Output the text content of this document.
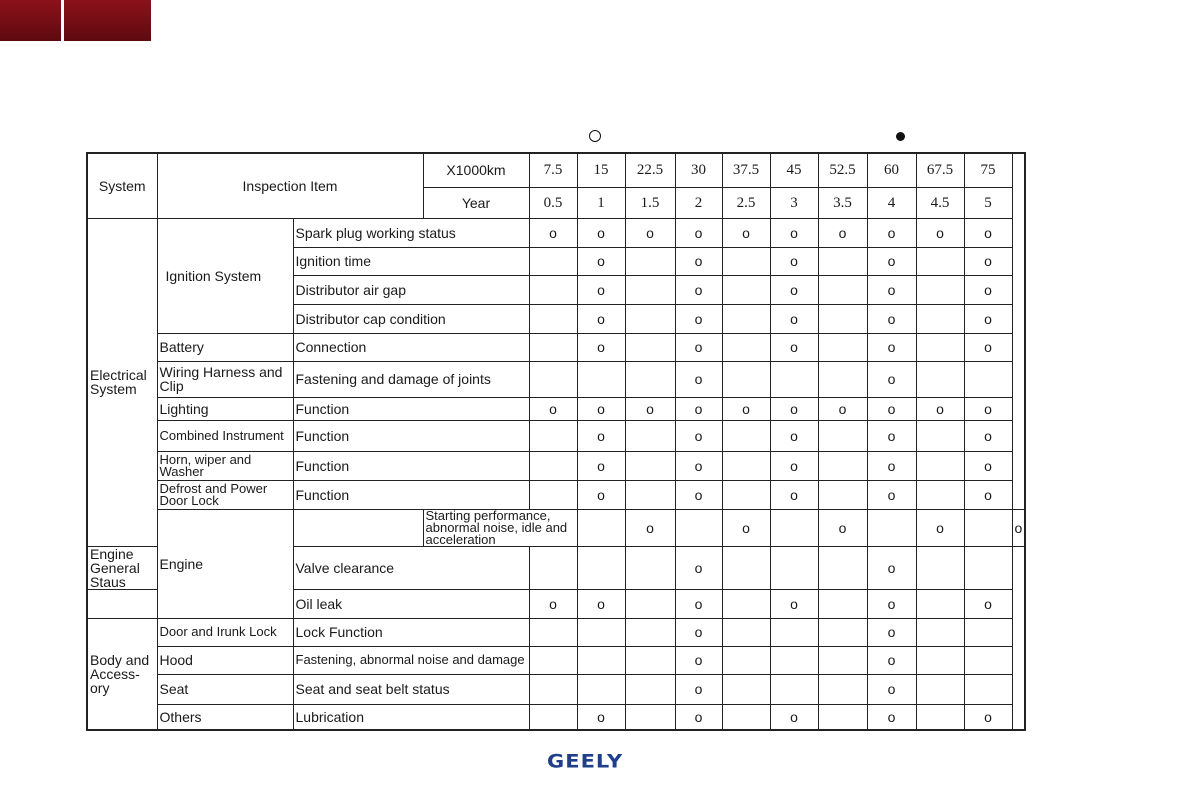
System	Inspection Item		X1000km	7.5	15	22.5	30	37.5	45	52.5	60	67.5	75	
			Year	0.5	1	1.5	2	2.5	3	3.5	4	4.5	5	
Electrical System	Ignition System	Spark plug working status		o	o	o	o	o	o	o	o	o	o	
		Ignition time			o		o		o		o		o	
		Distributor air gap			o		o		o		o		o	
		Distributor cap condition			o		o		o		o		o	
	Battery	Connection			o		o		o		o		o	
	Wiring Harness and Clip	Fastening and damage of joints					o				o			
	Lighting	Function		o	o	o	o	o	o	o	o	o	o	
	Combined Instrument	Function			o		o		o		o		o	
	Horn, wiper and Washer	Function			o		o		o		o		o	
	Defrost and Power Door Lock	Function			o		o		o		o		o	
	Engine		Starting performance, abnormal noise, idle and acceleration			o		o		o		o		o
Engine General Staus		Valve clearance					o				o			
		Oil leak		o	o		o		o		o		o	
Body and Access-ory	Door and Irunk Lock	Lock Function					o				o			
	Hood	Fastening, abnormal noise and damage					o				o			
	Seat	Seat and seat belt status					o				o			
	Others	Lubrication			o		o		o		o		o	
GEELY
